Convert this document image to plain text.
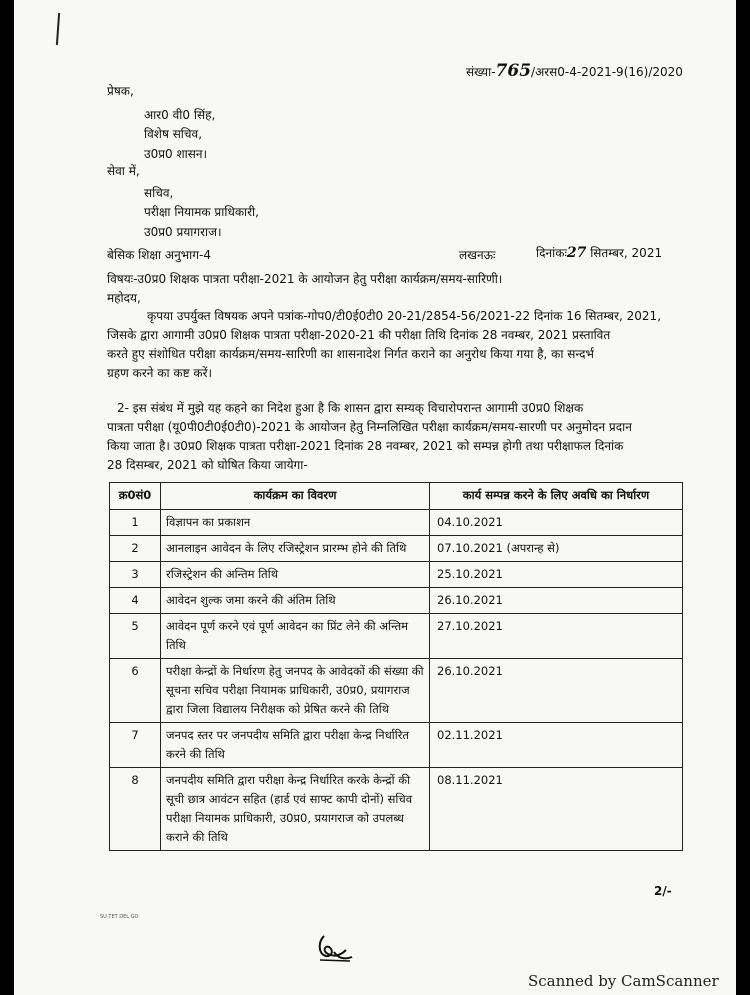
संख्या-765/अरस0-4-2021-9(16)/2020
प्रेषक,
आर0 वी0 सिंह,
विशेष सचिव,
उ0प्र0 शासन।
सेवा में,
सचिव,
परीक्षा नियामक प्राधिकारी,
उ0प्र0 प्रयागराज।
बेसिक शिक्षा अनुभाग-4	लखनऊः	दिनांकः27 सितम्बर, 2021
विषयः-उ0प्र0 शिक्षक पात्रता परीक्षा-2021 के आयोजन हेतु परीक्षा कार्यक्रम/समय-सारिणी।
महोदय,
कृपया उपर्युक्त विषयक अपने पत्रांक-गोप0/टी0ई0टी0 20-21/2854-56/2021-22 दिनांक 16 सितम्बर, 2021,
जिसके द्वारा आगामी उ0प्र0 शिक्षक पात्रता परीक्षा-2020-21 की परीक्षा तिथि दिनांक 28 नवम्बर, 2021 प्रस्तावित
करते हुए संशोधित परीक्षा कार्यक्रम/समय-सारिणी का शासनादेश निर्गत कराने का अनुरोध किया गया है, का सन्दर्भ
ग्रहण करने का कष्ट करें।
2- इस संबंध में मुझे यह कहने का निदेश हुआ है कि शासन द्वारा सम्यक् विचारोपरान्त आगामी उ0प्र0 शिक्षक
पात्रता परीक्षा (यू0पी0टी0ई0टी0)-2021 के आयोजन हेतु निम्नलिखित परीक्षा कार्यक्रम/समय-सारणी पर अनुमोदन प्रदान
किया जाता है। उ0प्र0 शिक्षक पात्रता परीक्षा-2021 दिनांक 28 नवम्बर, 2021 को सम्पन्न होगी तथा परीक्षाफल दिनांक
28 दिसम्बर, 2021 को घोषित किया जायेगा-
क्र0सं0	कार्यक्रम का विवरण	कार्य सम्पन्न करने के लिए अवधि का निर्धारण
1	विज्ञापन का प्रकाशन	04.10.2021
2	आनलाइन आवेदन के लिए रजिस्ट्रेशन प्रारम्भ होने की तिथि	07.10.2021 (अपरान्ह से)
3	रजिस्ट्रेशन की अन्तिम तिथि	25.10.2021
4	आवेदन शुल्क जमा करने की अंतिम तिथि	26.10.2021
5	आवेदन पूर्ण करने एवं पूर्ण आवेदन का प्रिंट लेने की अन्तिम तिथि	27.10.2021
6	परीक्षा केन्द्रों के निर्धारण हेतु जनपद के आवेदकों की संख्या की सूचना सचिव परीक्षा नियामक प्राधिकारी, उ0प्र0, प्रयागराज द्वारा जिला विद्यालय निरीक्षक को प्रेषित करने की तिथि	26.10.2021
7	जनपद स्तर पर जनपदीय समिति द्वारा परीक्षा केन्द्र निर्धारित करने की तिथि	02.11.2021
8	जनपदीय समिति द्वारा परीक्षा केन्द्र निर्धारित करके केन्द्रों की सूची छात्र आवंटन सहित (हार्ड एवं साफ्ट कापी दोनों) सचिव परीक्षा नियामक प्राधिकारी, उ0प्र0, प्रयागराज को उपलब्ध कराने की तिथि	08.11.2021
2/-
SU TET DEL GO
Scanned by CamScanner
